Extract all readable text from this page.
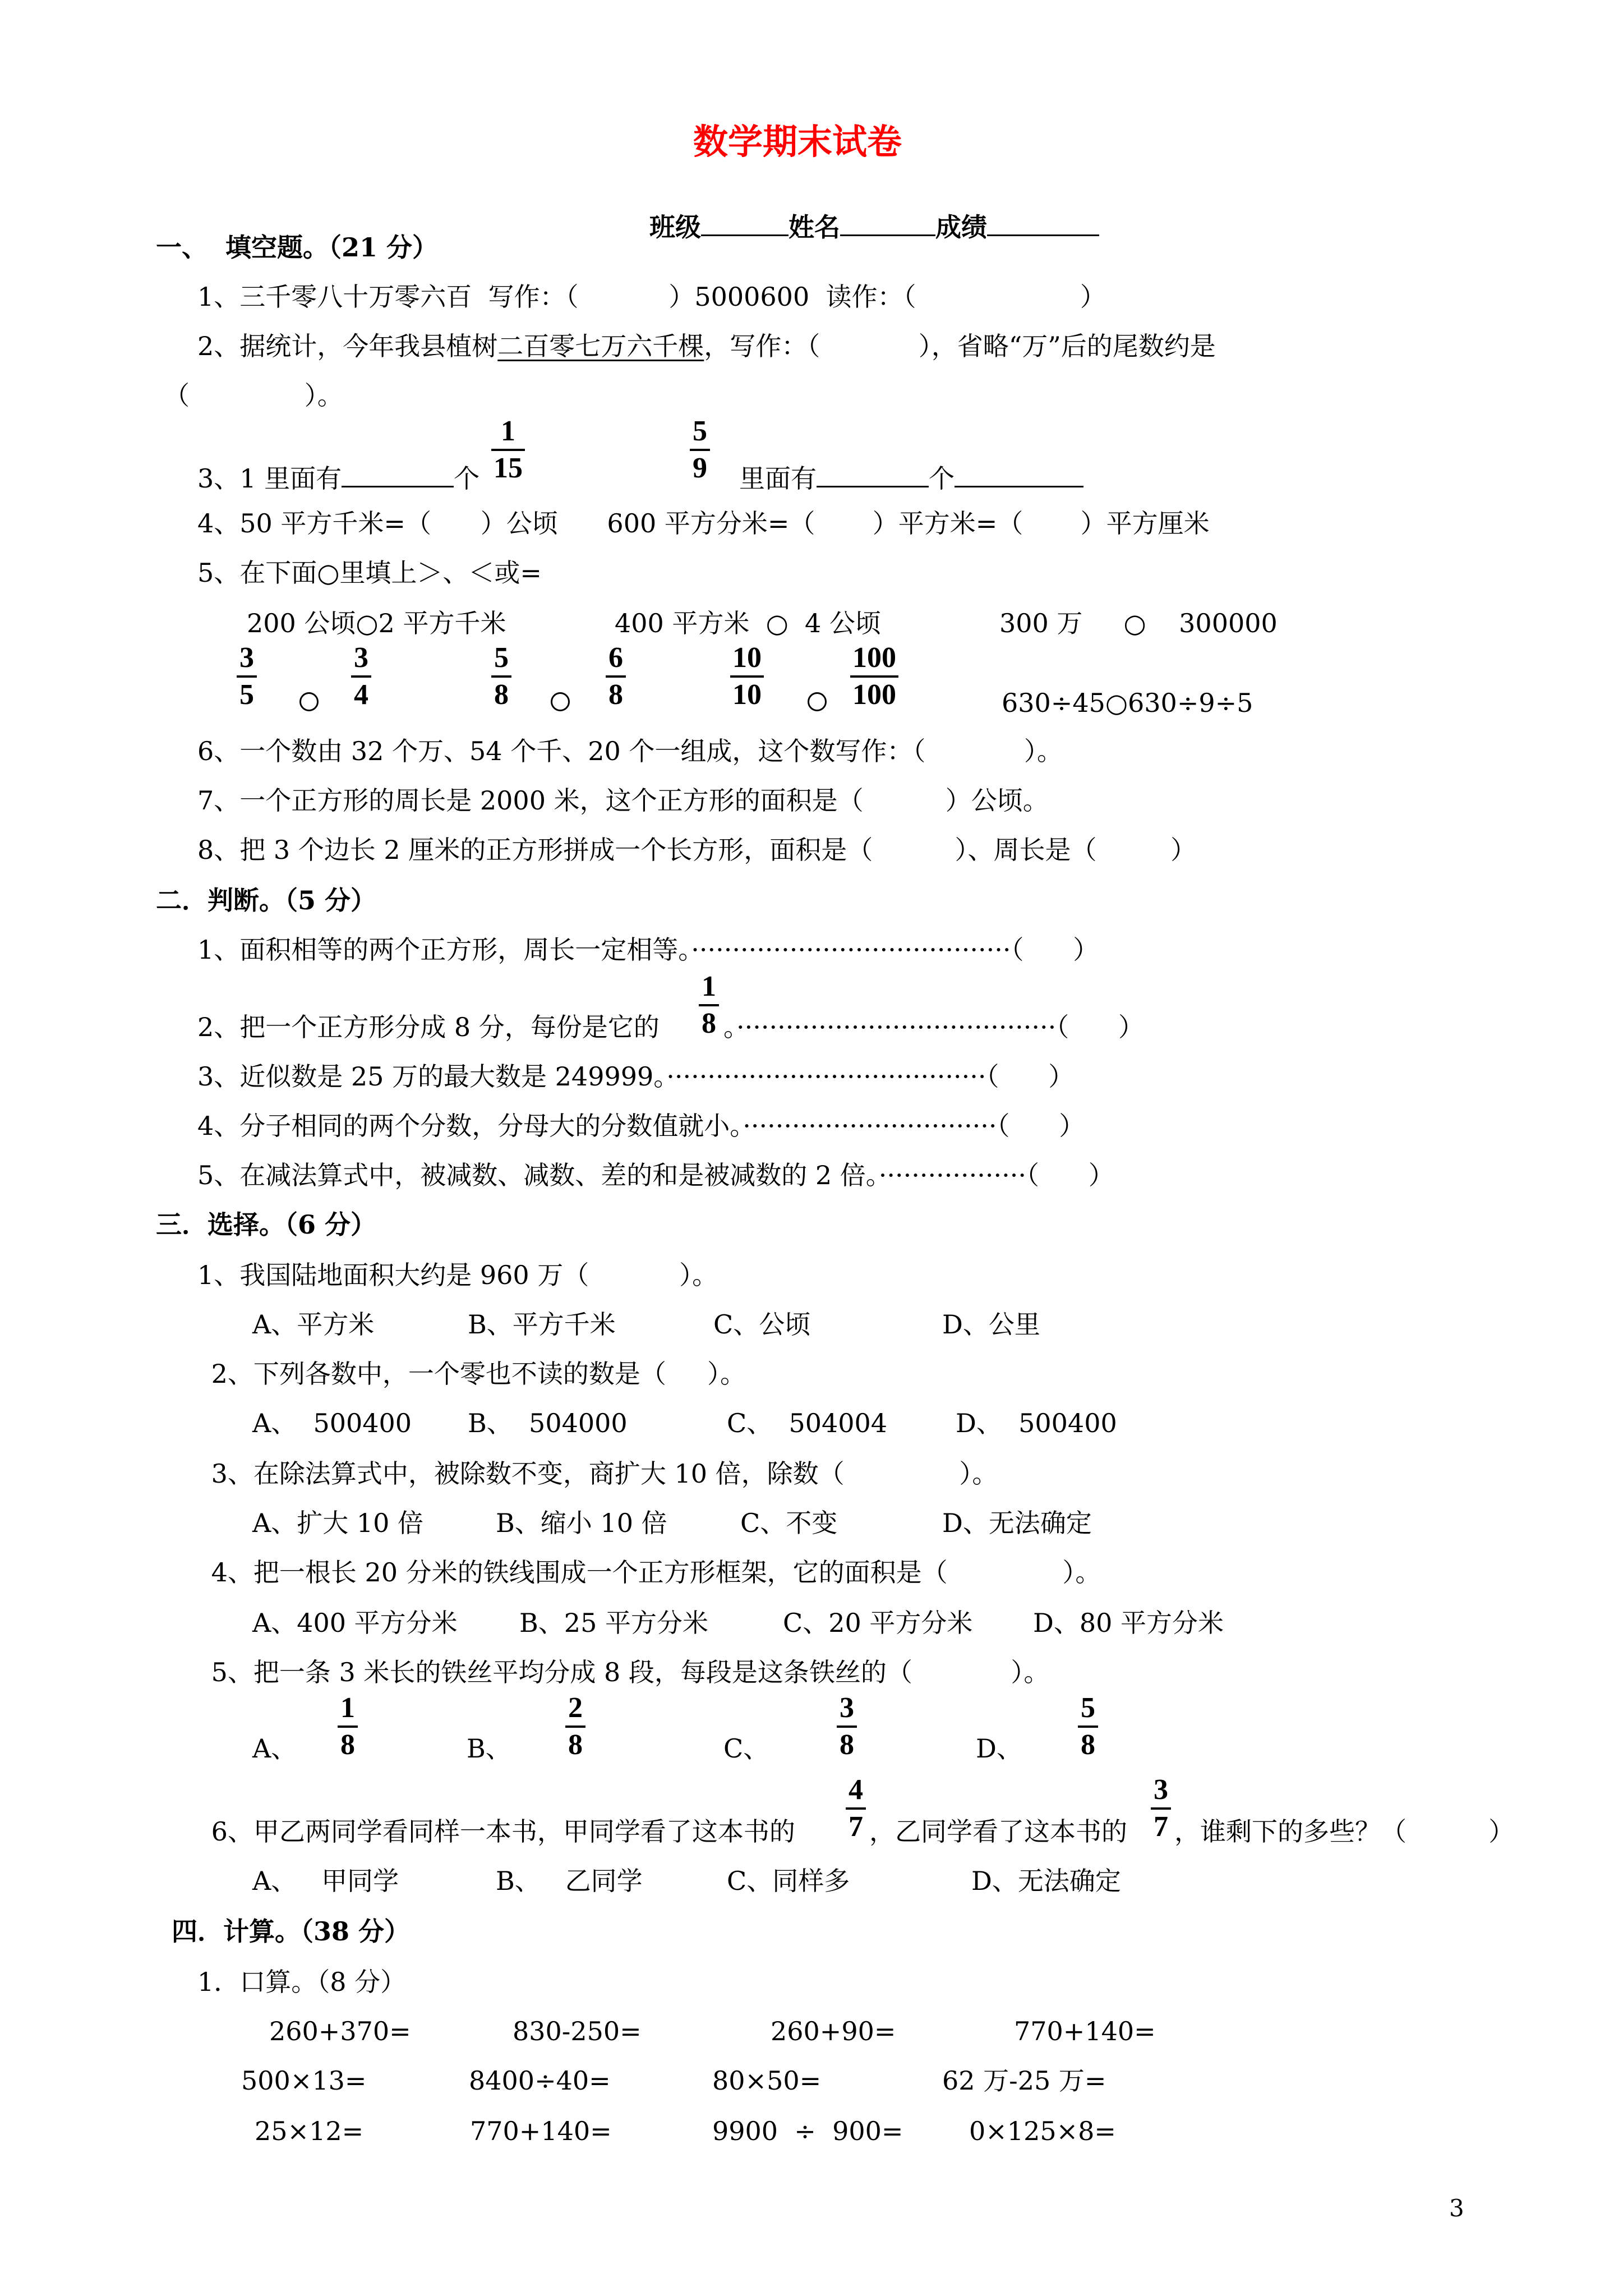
数学期末试卷

班级	姓名	成绩

一、  填空题。（21 分）
1、三千零八十万零六百  写作：（           ）5000600  读作：（                    ）
2、据统计，今年我县植树二百零七万六千棵，写作：（            ），省略“万”后的尾数约是
（              ）。
3、1 里面有	个
1
15
5
9 里面有	个
4、50 平方千米=（      ）公顷      600 平方分米=（       ）平方米=（       ）平方厘米
5、在下面○里填上＞、＜或=
200 公顷○2 平方千米	400 平方米  ○  4 公顷	300 万     ○    300000
3
5
3
4
5
8
6
8
10
10
100
100	630÷45○630÷9÷5
6、一个数由 32 个万、54 个千、20 个一组成，这个数写作：（            ）。
7、一个正方形的周长是 2000 米，这个正方形的面积是（          ）公顷。
8、把 3 个边长 2 厘米的正方形拼成一个长方形，面积是（          ）、周长是（         ）
二．判断。（5 分）
1、面积相等的两个正方形，周长一定相等。·······································（      ）
2、把一个正方形分成 8 分，每份是它的
1
8 。·······································（      ）
3、近似数是 25 万的最大数是 249999。·······································（      ）
4、分子相同的两个分数，分母大的分数值就小。·······························（      ）
5、在减法算式中，被减数、减数、差的和是被减数的 2 倍。··················（      ）
三．选择。（6 分）
1、我国陆地面积大约是 960 万（           ）。
A、平方米	B、平方千米	C、公顷	D、公里
2、下列各数中，一个零也不读的数是（     ）。
A、  500400 B、  504000	C、  504004	D、  500400
3、在除法算式中，被除数不变，商扩大 10 倍，除数（              ）。
A、扩大 10 倍	B、缩小 10 倍	C、不变	D、无法确定
4、把一根长 20 分米的铁线围成一个正方形框架，它的面积是（              ）。
A、400 平方分米 B、25 平方分米	C、20 平方分米 D、80 平方分米
5、把一条 3 米长的铁丝平均分成 8 段，每段是这条铁丝的（            ）。
A、
1
8	B、
2
8	C、
3
8	D、
5
8
6、甲乙两同学看同样一本书，甲同学看了这本书的
4
7 ，乙同学看了这本书的
3
7 ，谁剩下的多些？（          ）
A、   甲同学	B、   乙同学	C、同样多	D、无法确定
四．计算。（38 分）
1．口算。（8 分）
260+370=	830-250=	260+90=	770+140=
500×13=	8400÷40=	80×50=	62 万-25 万=
25×12=	770+140=	9900  ÷  900=	0×125×8=
3
